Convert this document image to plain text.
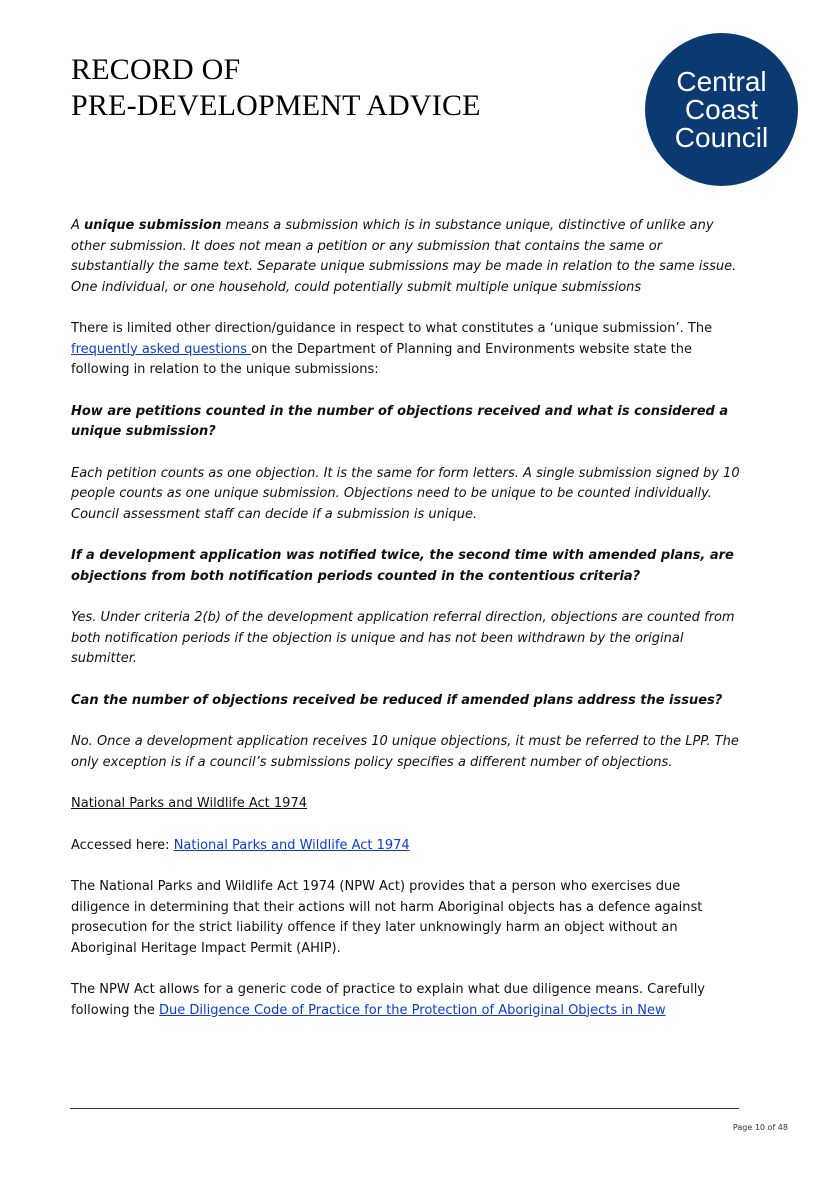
RECORD OF
PRE-DEVELOPMENT ADVICE
Central
Coast
Council

A unique submission means a submission which is in substance unique, distinctive of unlike any other submission. It does not mean a petition or any submission that contains the same or substantially the same text. Separate unique submissions may be made in relation to the same issue. One individual, or one household, could potentially submit multiple unique submissions

There is limited other direction/guidance in respect to what constitutes a ‘unique submission’. The frequently asked questions on the Department of Planning and Environments website state the following in relation to the unique submissions:

How are petitions counted in the number of objections received and what is considered a unique submission?

Each petition counts as one objection. It is the same for form letters. A single submission signed by 10 people counts as one unique submission. Objections need to be unique to be counted individually. Council assessment staff can decide if a submission is unique.

If a development application was notified twice, the second time with amended plans, are objections from both notification periods counted in the contentious criteria?

Yes. Under criteria 2(b) of the development application referral direction, objections are counted from both notification periods if the objection is unique and has not been withdrawn by the original submitter.

Can the number of objections received be reduced if amended plans address the issues?

No. Once a development application receives 10 unique objections, it must be referred to the LPP. The only exception is if a council’s submissions policy specifies a different number of objections.

National Parks and Wildlife Act 1974

Accessed here: National Parks and Wildlife Act 1974

The National Parks and Wildlife Act 1974 (NPW Act) provides that a person who exercises due diligence in determining that their actions will not harm Aboriginal objects has a defence against prosecution for the strict liability offence if they later unknowingly harm an object without an Aboriginal Heritage Impact Permit (AHIP).

The NPW Act allows for a generic code of practice to explain what due diligence means. Carefully following the Due Diligence Code of Practice for the Protection of Aboriginal Objects in New

Page 10 of 48
